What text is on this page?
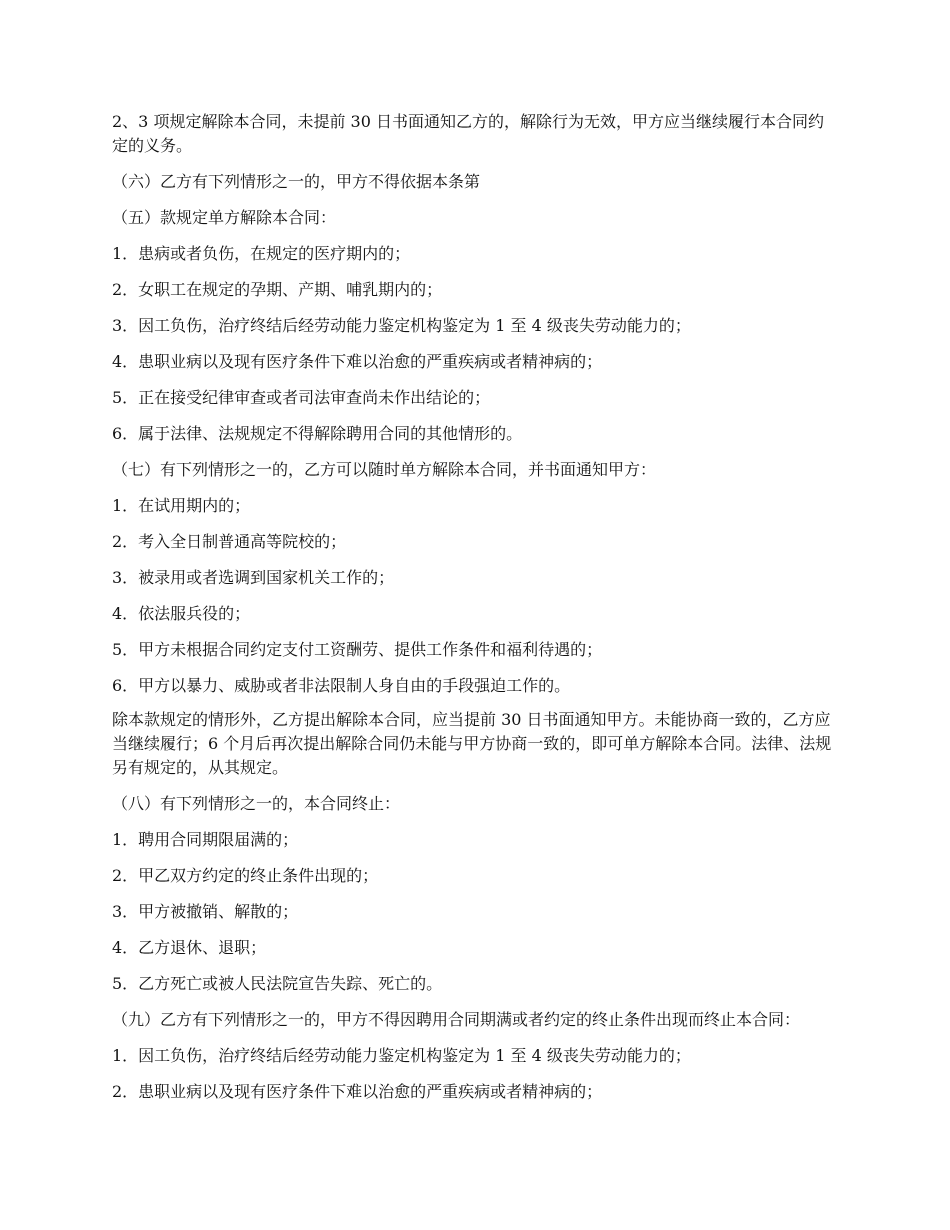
2、3 项规定解除本合同，未提前 30 日书面通知乙方的，解除行为无效，甲方应当继续履行本合同约定的义务。

（六）乙方有下列情形之一的，甲方不得依据本条第

（五）款规定单方解除本合同：

1．患病或者负伤，在规定的医疗期内的；

2．女职工在规定的孕期、产期、哺乳期内的；

3．因工负伤，治疗终结后经劳动能力鉴定机构鉴定为 1 至 4 级丧失劳动能力的；

4．患职业病以及现有医疗条件下难以治愈的严重疾病或者精神病的；

5．正在接受纪律审查或者司法审查尚未作出结论的；

6．属于法律、法规规定不得解除聘用合同的其他情形的。

（七）有下列情形之一的，乙方可以随时单方解除本合同，并书面通知甲方：

1．在试用期内的；

2．考入全日制普通高等院校的；

3．被录用或者选调到国家机关工作的；

4．依法服兵役的；

5．甲方未根据合同约定支付工资酬劳、提供工作条件和福利待遇的；

6．甲方以暴力、威胁或者非法限制人身自由的手段强迫工作的。

除本款规定的情形外，乙方提出解除本合同，应当提前 30 日书面通知甲方。未能协商一致的，乙方应当继续履行；6 个月后再次提出解除合同仍未能与甲方协商一致的，即可单方解除本合同。法律、法规另有规定的，从其规定。

（八）有下列情形之一的，本合同终止：

1．聘用合同期限届满的；

2．甲乙双方约定的终止条件出现的；

3．甲方被撤销、解散的；

4．乙方退休、退职；

5．乙方死亡或被人民法院宣告失踪、死亡的。

（九）乙方有下列情形之一的，甲方不得因聘用合同期满或者约定的终止条件出现而终止本合同：

1．因工负伤，治疗终结后经劳动能力鉴定机构鉴定为 1 至 4 级丧失劳动能力的；

2．患职业病以及现有医疗条件下难以治愈的严重疾病或者精神病的；
